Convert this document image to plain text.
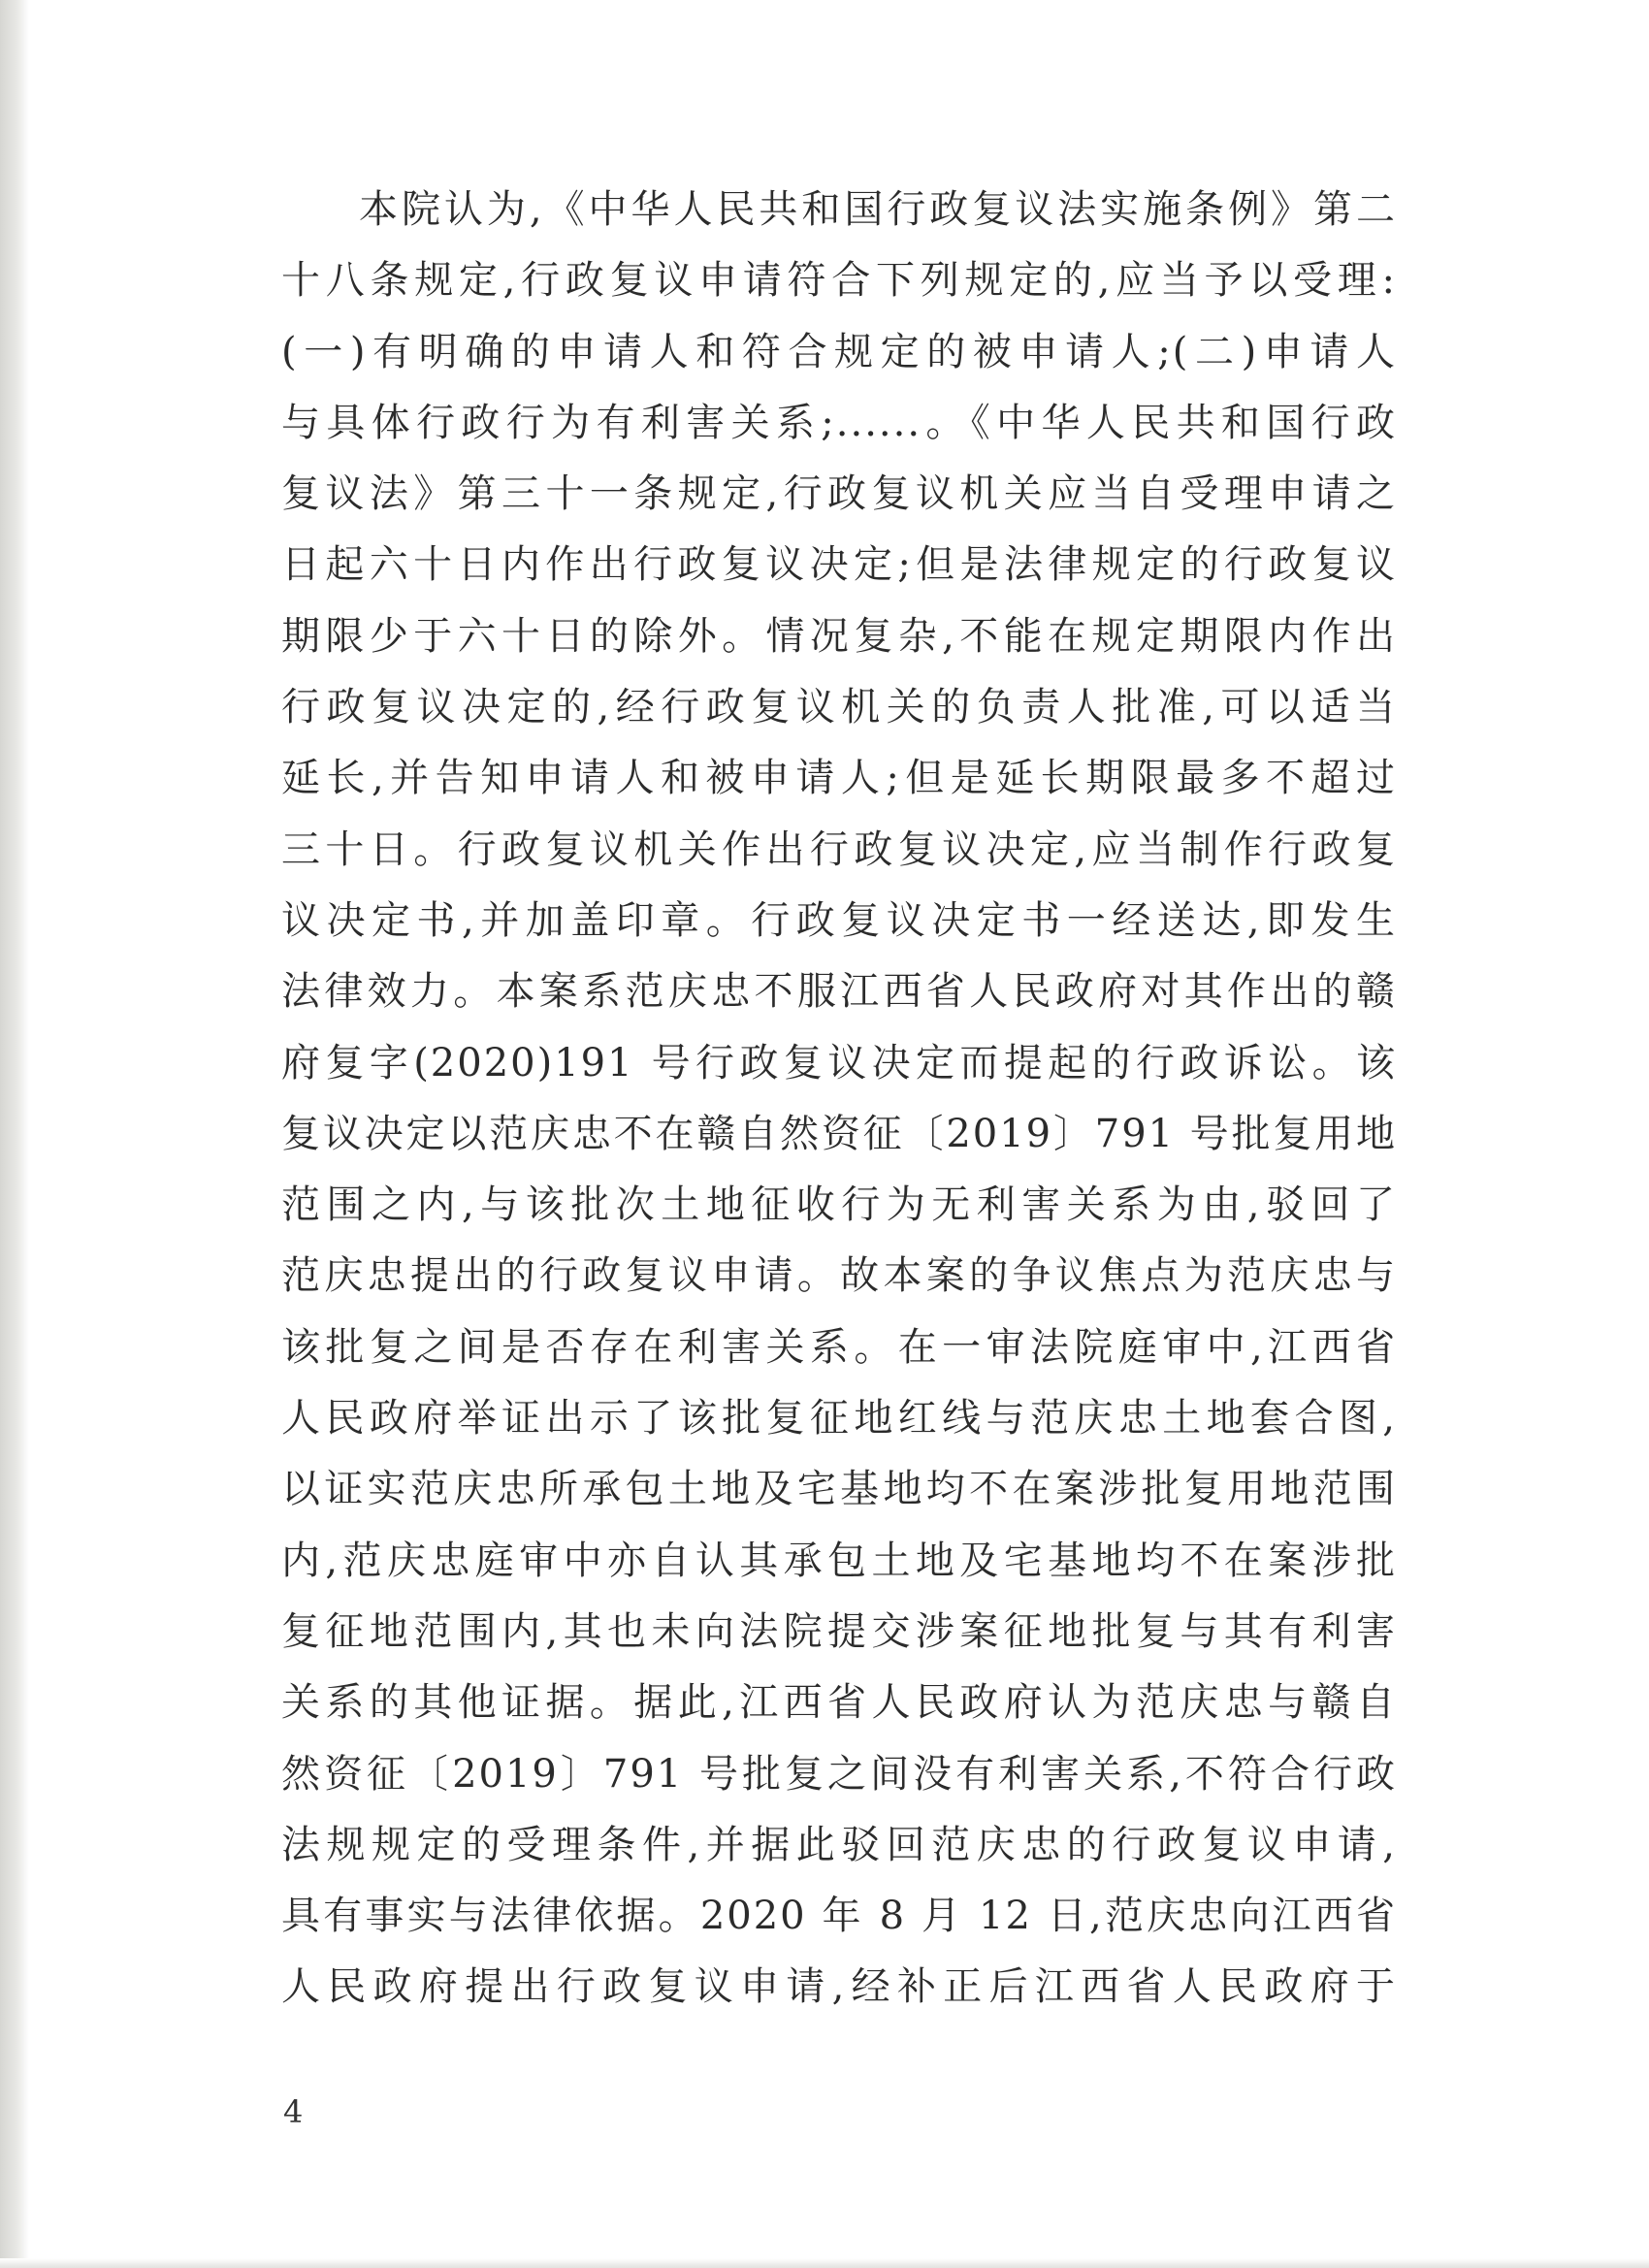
本院认为,《中华人民共和国行政复议法实施条例》第二
十八条规定,行政复议申请符合下列规定的,应当予以受理:
(一)有明确的申请人和符合规定的被申请人;(二)申请人
与具体行政行为有利害关系;......。《中华人民共和国行政
复议法》第三十一条规定,行政复议机关应当自受理申请之
日起六十日内作出行政复议决定;但是法律规定的行政复议
期限少于六十日的除外。情况复杂,不能在规定期限内作出
行政复议决定的,经行政复议机关的负责人批准,可以适当
延长,并告知申请人和被申请人;但是延长期限最多不超过
三十日。行政复议机关作出行政复议决定,应当制作行政复
议决定书,并加盖印章。行政复议决定书一经送达,即发生
法律效力。本案系范庆忠不服江西省人民政府对其作出的赣
府复字(2020)191 号行政复议决定而提起的行政诉讼。该
复议决定以范庆忠不在赣自然资征〔2019〕791 号批复用地
范围之内,与该批次土地征收行为无利害关系为由,驳回了
范庆忠提出的行政复议申请。故本案的争议焦点为范庆忠与
该批复之间是否存在利害关系。在一审法院庭审中,江西省
人民政府举证出示了该批复征地红线与范庆忠土地套合图,
以证实范庆忠所承包土地及宅基地均不在案涉批复用地范围
内,范庆忠庭审中亦自认其承包土地及宅基地均不在案涉批
复征地范围内,其也未向法院提交涉案征地批复与其有利害
关系的其他证据。据此,江西省人民政府认为范庆忠与赣自
然资征〔2019〕791 号批复之间没有利害关系,不符合行政
法规规定的受理条件,并据此驳回范庆忠的行政复议申请,
具有事实与法律依据。2020 年 8 月 12 日,范庆忠向江西省
人民政府提出行政复议申请,经补正后江西省人民政府于
4
